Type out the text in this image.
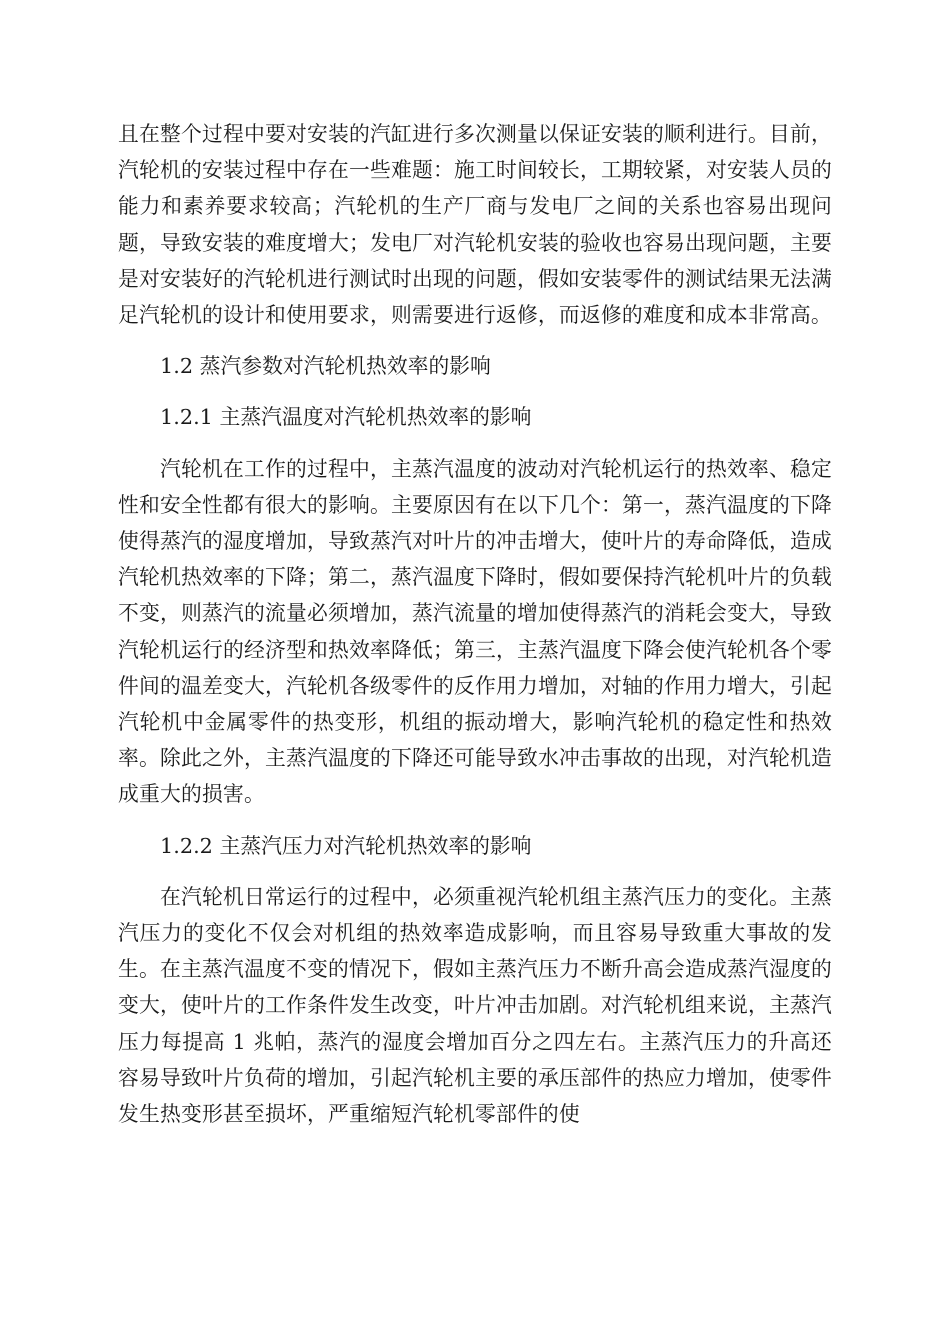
且在整个过程中要对安装的汽缸进行多次测量以保证安装的顺利进行。目前，汽轮机的安装过程中存在一些难题：施工时间较长，工期较紧，对安装人员的能力和素养要求较高；汽轮机的生产厂商与发电厂之间的关系也容易出现问题，导致安装的难度增大；发电厂对汽轮机安装的验收也容易出现问题，主要是对安装好的汽轮机进行测试时出现的问题，假如安装零件的测试结果无法满足汽轮机的设计和使用要求，则需要进行返修，而返修的难度和成本非常高。

1.2 蒸汽参数对汽轮机热效率的影响

1.2.1 主蒸汽温度对汽轮机热效率的影响

汽轮机在工作的过程中，主蒸汽温度的波动对汽轮机运行的热效率、稳定性和安全性都有很大的影响。主要原因有在以下几个：第一，蒸汽温度的下降使得蒸汽的湿度增加，导致蒸汽对叶片的冲击增大，使叶片的寿命降低，造成汽轮机热效率的下降；第二，蒸汽温度下降时，假如要保持汽轮机叶片的负载不变，则蒸汽的流量必须增加，蒸汽流量的增加使得蒸汽的消耗会变大，导致汽轮机运行的经济型和热效率降低；第三，主蒸汽温度下降会使汽轮机各个零件间的温差变大，汽轮机各级零件的反作用力增加，对轴的作用力增大，引起汽轮机中金属零件的热变形，机组的振动增大，影响汽轮机的稳定性和热效率。除此之外，主蒸汽温度的下降还可能导致水冲击事故的出现，对汽轮机造成重大的损害。

1.2.2 主蒸汽压力对汽轮机热效率的影响

在汽轮机日常运行的过程中，必须重视汽轮机组主蒸汽压力的变化。主蒸汽压力的变化不仅会对机组的热效率造成影响，而且容易导致重大事故的发生。在主蒸汽温度不变的情况下，假如主蒸汽压力不断升高会造成蒸汽湿度的变大，使叶片的工作条件发生改变，叶片冲击加剧。对汽轮机组来说，主蒸汽压力每提高 1 兆帕，蒸汽的湿度会增加百分之四左右。主蒸汽压力的升高还容易导致叶片负荷的增加，引起汽轮机主要的承压部件的热应力增加，使零件发生热变形甚至损坏，严重缩短汽轮机零部件的使
